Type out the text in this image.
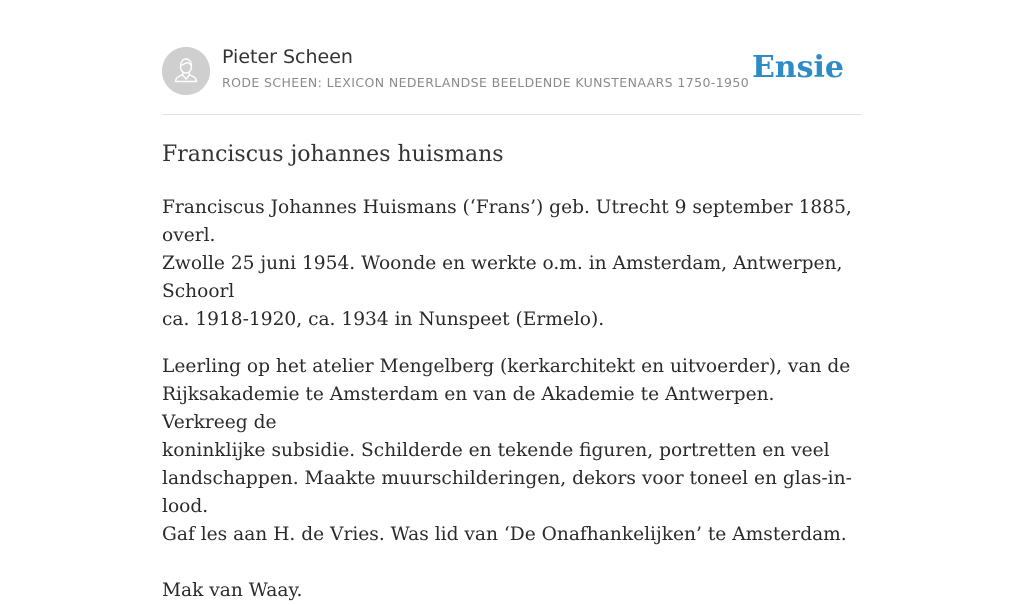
Pieter Scheen
RODE SCHEEN: LEXICON NEDERLANDSE BEELDENDE KUNSTENAARS 1750-1950 Ensie
Franciscus johannes huismans

Franciscus Johannes Huismans (‘Frans’) geb. Utrecht 9 september 1885, overl.
Zwolle 25 juni 1954. Woonde en werkte o.m. in Amsterdam, Antwerpen, Schoorl
ca. 1918-1920, ca. 1934 in Nunspeet (Ermelo).

Leerling op het atelier Mengelberg (kerkarchitekt en uitvoerder), van de
Rijksakademie te Amsterdam en van de Akademie te Antwerpen. Verkreeg de
koninklijke subsidie. Schilderde en tekende figuren, portretten en veel
landschappen. Maakte muurschilderingen, dekors voor toneel en glas-in-lood.
Gaf les aan H. de Vries. Was lid van ‘De Onafhankelijken’ te Amsterdam.

Mak van Waay.
